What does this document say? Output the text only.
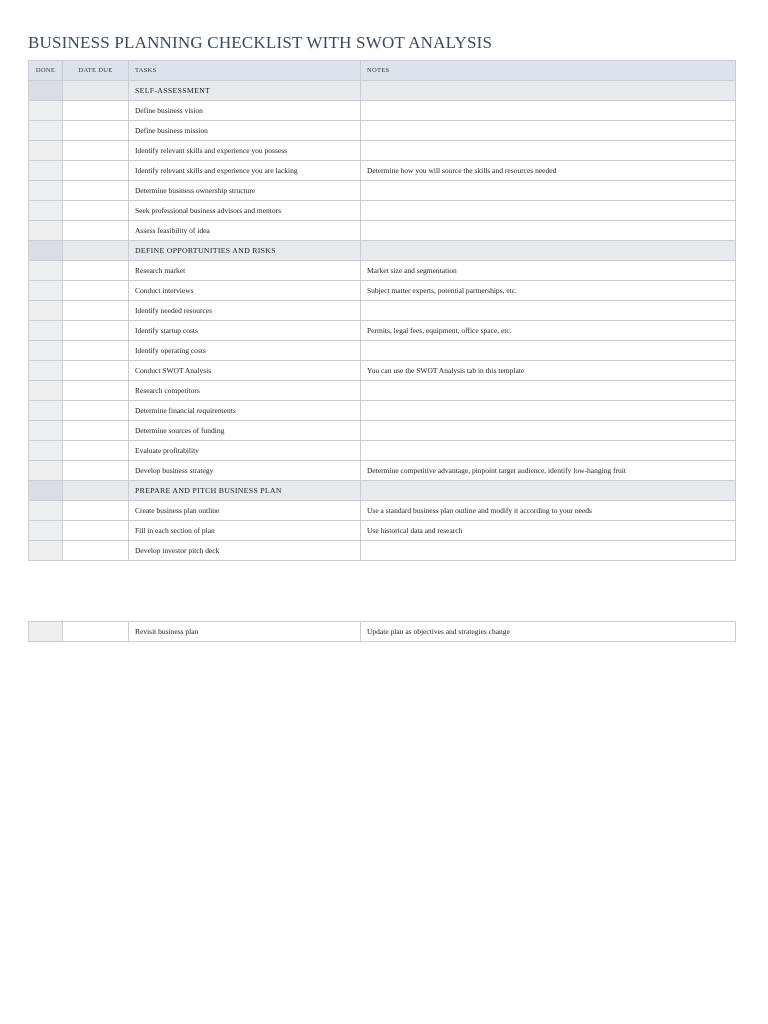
BUSINESS PLANNING CHECKLIST WITH SWOT ANALYSIS
DONE	DATE DUE	TASKS	NOTES
		SELF-ASSESSMENT	
		Define business vision	
		Define business mission	
		Identify relevant skills and experience you possess	
		Identify relevant skills and experience you are lacking	Determine how you will source the skills and resources needed
		Determine business ownership structure	
		Seek professional business advisors and mentors	
		Assess feasibility of idea	
		DEFINE OPPORTUNITIES AND RISKS	
		Research market	Market size and segmentation
		Conduct interviews	Subject matter experts, potential partnerships, etc.
		Identify needed resources	
		Identify startup costs	Permits, legal fees, equipment, office space, etc.
		Identify operating costs	
		Conduct SWOT Analysis	You can use the SWOT Analysis tab in this template
		Research competitors	
		Determine financial requirements	
		Determine sources of funding	
		Evaluate profitability	
		Develop business strategy	Determine competitive advantage, pinpoint target audience, identify low-hanging fruit
		PREPARE AND PITCH BUSINESS PLAN	
		Create business plan outline	Use a standard business plan outline and modify it according to your needs
		Fill in each section of plan	Use historical data and research
		Develop investor pitch deck	
		Revisit business plan	Update plan as objectives and strategies change
